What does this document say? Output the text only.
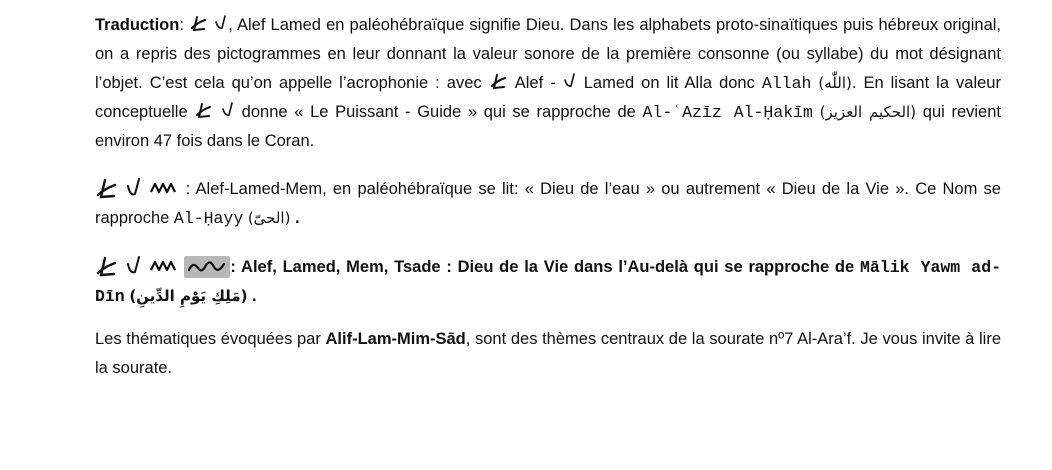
Traduction:
	, Alef Lamed en paléohébraïque signifie Dieu. Dans les alphabets proto-sinaïtiques puis hébreux original, on a repris des pictogrammes en leur donnant la valeur sonore de la première consonne (ou syllabe) du mot désignant l’objet. C’est cela qu’on appelle l’acrophonie : avec Alef - Lamed on lit Alla donc Allah (اللّٰه). En lisant la valeur conceptuelle
	donne « Le Puissant - Guide » qui se rapproche de Al-ʿAzīz Al-Ḥakīm (الحكيم العزيز) qui revient environ 47 fois dans le Coran.

: Alef-Lamed-Mem, en paléohébraïque se lit: « Dieu de l’eau » ou autrement « Dieu de la Vie ». Ce Nom se rapproche Al-Ḥayy (الحىّ) .

: Alef, Lamed, Mem, Tsade : Dieu de la Vie dans l’Au-delà qui se rapproche de Mālik Yawm ad-Dīn (مَلِكِ يَوْمِ الدِّينِ) .

Les thématiques évoquées par Alif-Lam-Mim-Sād, sont des thèmes centraux de la sourate nº7 Al-Ara’f. Je vous invite à lire la sourate.
